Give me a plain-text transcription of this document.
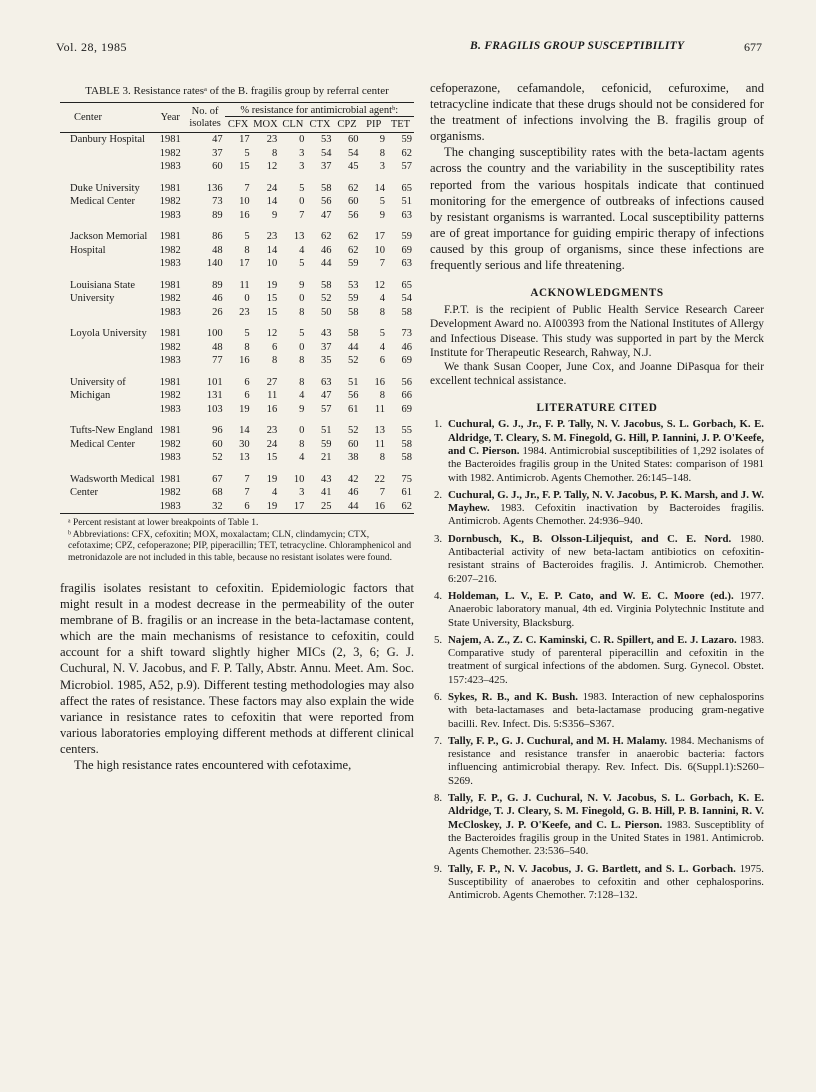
Vol. 28, 1985	B. FRAGILIS GROUP SUSCEPTIBILITY	677
TABLE 3. Resistance ratesᵃ of the B. fragilis group by referral center
Center	Year	No. of isolates	% resistance for antimicrobial agentᵇ:						
			CFX	MOX	CLN	CTX	CPZ	PIP	TET
Danbury Hospital	1981	47	17	23	0	53	60	9	59
	1982	37	5	8	3	54	54	8	62
	1983	60	15	12	3	37	45	3	57

Duke University Medical Center	1981	136	7	24	5	58	62	14	65
	1982	73	10	14	0	56	60	5	51
	1983	89	16	9	7	47	56	9	63

Jackson Memorial Hospital	1981	86	5	23	13	62	62	17	59
	1982	48	8	14	4	46	62	10	69
	1983	140	17	10	5	44	59	7	63

Louisiana State University	1981	89	11	19	9	58	53	12	65
	1982	46	0	15	0	52	59	4	54
	1983	26	23	15	8	50	58	8	58

Loyola University	1981	100	5	12	5	43	58	5	73
	1982	48	8	6	0	37	44	4	46
	1983	77	16	8	8	35	52	6	69

University of Michigan	1981	101	6	27	8	63	51	16	56
	1982	131	6	11	4	47	56	8	66
	1983	103	19	16	9	57	61	11	69

Tufts-New England Medical Center	1981	96	14	23	0	51	52	13	55
	1982	60	30	24	8	59	60	11	58
	1983	52	13	15	4	21	38	8	58

Wadsworth Medical Center	1981	67	7	19	10	43	42	22	75
	1982	68	7	4	3	41	46	7	61
	1983	32	6	19	17	25	44	16	62

ᵃ Percent resistant at lower breakpoints of Table 1.

ᵇ Abbreviations: CFX, cefoxitin; MOX, moxalactam; CLN, clindamycin; CTX, cefotaxime; CPZ, cefoperazone; PIP, piperacillin; TET, tetracycline. Chloramphenicol and metronidazole are not included in this table, because no resistant isolates were found.

fragilis isolates resistant to cefoxitin. Epidemiologic factors that might result in a modest decrease in the permeability of the outer membrane of B. fragilis or an increase in the beta-lactamase content, which are the main mechanisms of resistance to cefoxitin, could account for a shift toward slightly higher MICs (2, 3, 6; G. J. Cuchural, N. V. Jacobus, and F. P. Tally, Abstr. Annu. Meet. Am. Soc. Microbiol. 1985, A52, p.9). Different testing methodologies may also affect the rates of resistance. These factors may also explain the wide variance in resistance rates to cefoxitin that were reported from various laboratories employing different methods at different clinical centers.

The high resistance rates encountered with cefotaxime,

cefoperazone, cefamandole, cefonicid, cefuroxime, and tetracycline indicate that these drugs should not be considered for the treatment of infections involving the B. fragilis group of organisms.

The changing susceptibility rates with the beta-lactam agents across the country and the variability in the susceptibility rates reported from the various hospitals indicate that continued monitoring for the emergence of outbreaks of infections caused by resistant organisms is warranted. Local susceptibility patterns are of great importance for guiding empiric therapy of infections caused by this group of organisms, since these infections are frequently serious and life threatening.

ACKNOWLEDGMENTS

F.P.T. is the recipient of Public Health Service Research Career Development Award no. AI00393 from the National Institutes of Allergy and Infectious Disease. This study was supported in part by the Merck Institute for Therapeutic Research, Rahway, N.J.

We thank Susan Cooper, June Cox, and Joanne DiPasqua for their excellent technical assistance.

LITERATURE CITED

1. Cuchural, G. J., Jr., F. P. Tally, N. V. Jacobus, S. L. Gorbach, K. E. Aldridge, T. Cleary, S. M. Finegold, G. Hill, P. Iannini, J. P. O'Keefe, and C. Pierson. 1984. Antimicrobial susceptibilities of 1,292 isolates of the Bacteroides fragilis group in the United States: comparison of 1981 with 1982. Antimicrob. Agents Chemother. 26:145–148.

2. Cuchural, G. J., Jr., F. P. Tally, N. V. Jacobus, P. K. Marsh, and J. W. Mayhew. 1983. Cefoxitin inactivation by Bacteroides fragilis. Antimicrob. Agents Chemother. 24:936–940.

3. Dornbusch, K., B. Olsson-Liljequist, and C. E. Nord. 1980. Antibacterial activity of new beta-lactam antibiotics on cefoxitin-resistant strains of Bacteroides fragilis. J. Antimicrob. Chemother. 6:207–216.

4. Holdeman, L. V., E. P. Cato, and W. E. C. Moore (ed.). 1977. Anaerobic laboratory manual, 4th ed. Virginia Polytechnic Institute and State University, Blacksburg.

5. Najem, A. Z., Z. C. Kaminski, C. R. Spillert, and E. J. Lazaro. 1983. Comparative study of parenteral piperacillin and cefoxitin in the treatment of surgical infections of the abdomen. Surg. Gynecol. Obstet. 157:423–425.

6. Sykes, R. B., and K. Bush. 1983. Interaction of new cephalosporins with beta-lactamases and beta-lactamase producing gram-negative bacilli. Rev. Infect. Dis. 5:S356–S367.

7. Tally, F. P., G. J. Cuchural, and M. H. Malamy. 1984. Mechanisms of resistance and resistance transfer in anaerobic bacteria: factors influencing antimicrobial therapy. Rev. Infect. Dis. 6(Suppl.1):S260–S269.

8. Tally, F. P., G. J. Cuchural, N. V. Jacobus, S. L. Gorbach, K. E. Aldridge, T. J. Cleary, S. M. Finegold, G. B. Hill, P. B. Iannini, R. V. McCloskey, J. P. O'Keefe, and C. L. Pierson. 1983. Susceptiblity of the Bacteroides fragilis group in the United States in 1981. Antimicrob. Agents Chemother. 23:536–540.

9. Tally, F. P., N. V. Jacobus, J. G. Bartlett, and S. L. Gorbach. 1975. Susceptibility of anaerobes to cefoxitin and other cephalosporins. Antimicrob. Agents Chemother. 7:128–132.
